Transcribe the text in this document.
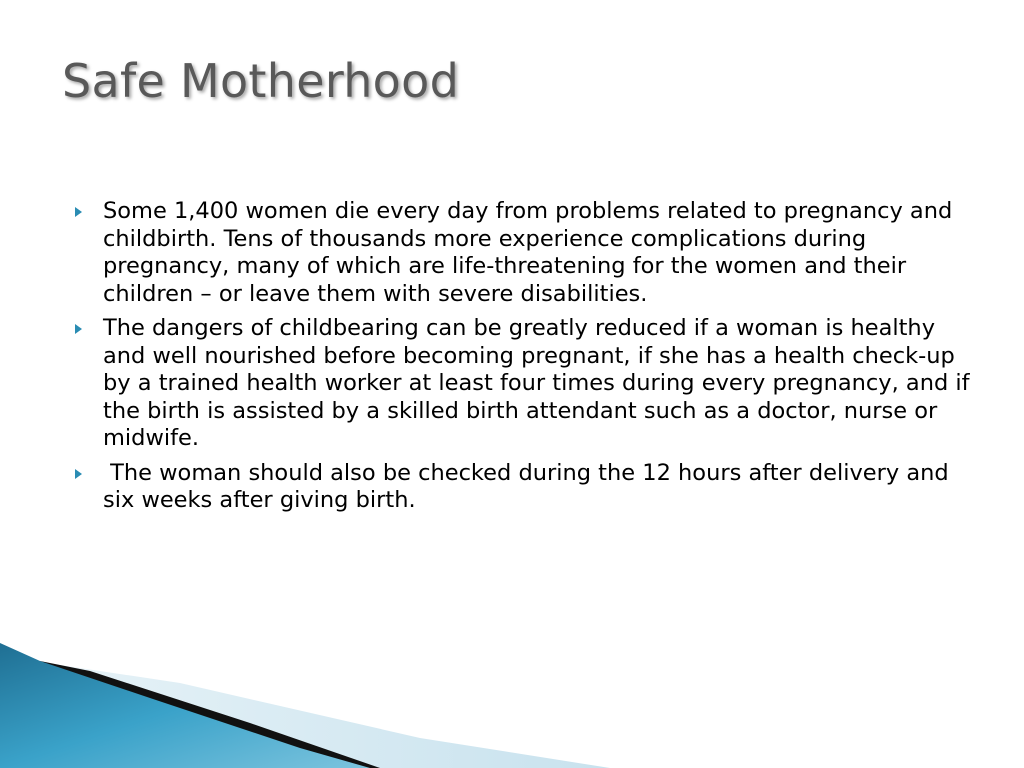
Safe Motherhood
Some 1,400 women die every day from problems related to pregnancy and childbirth. Tens of thousands more experience complications during pregnancy, many of which are life-threatening for the women and their children – or leave them with severe disabilities.
The dangers of childbearing can be greatly reduced if a woman is healthy and well nourished before becoming pregnant, if she has a health check-up by a trained health worker at least four times during every pregnancy, and if the birth is assisted by a skilled birth attendant such as a doctor, nurse or midwife.
The woman should also be checked during the 12 hours after delivery and six weeks after giving birth.
